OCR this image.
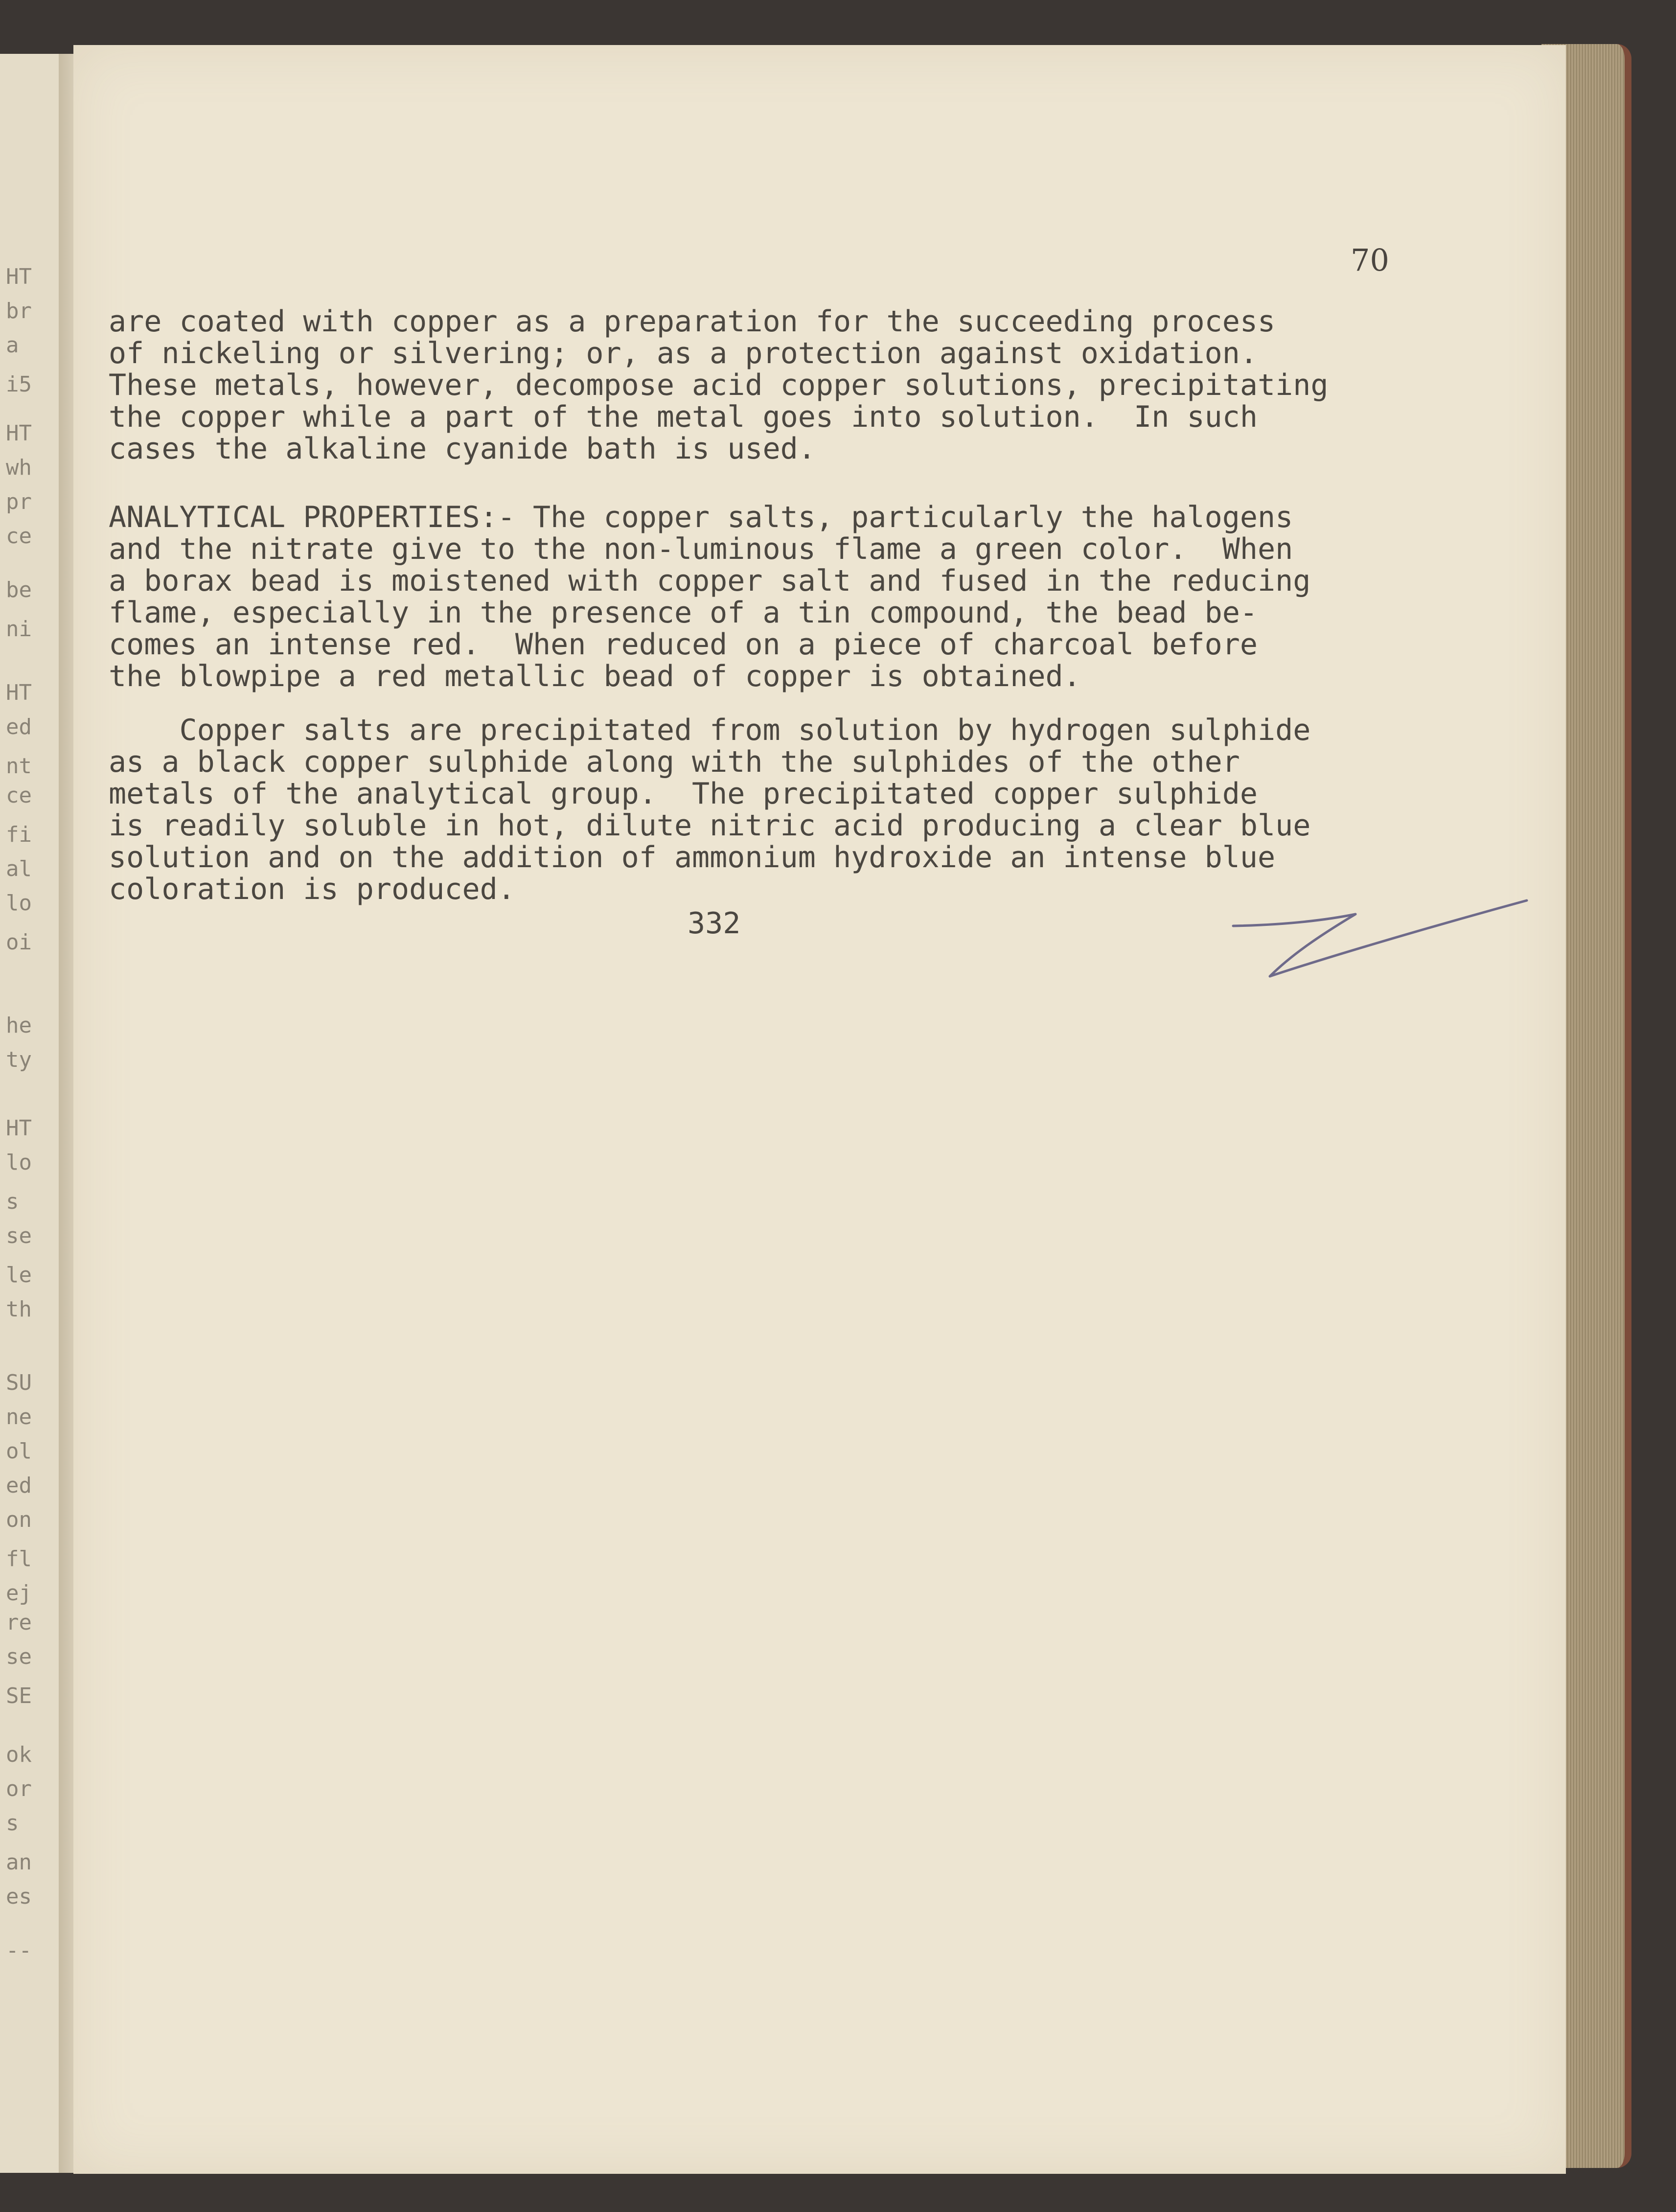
HT
br
a
i5
HT
wh
pr
ce
be
ni
HT
ed
nt
ce
fi
al
lo
oi
he
ty
HT
lo
s
se
le
th
SU
ne
ol
ed
on
fl
ej
re
se
SE
ok
or
s
an
es
--
70
are coated with copper as a preparation for the succeeding process
of nickeling or silvering; or, as a protection against oxidation.
These metals, however, decompose acid copper solutions, precipitating
the copper while a part of the metal goes into solution.  In such
cases the alkaline cyanide bath is used.
ANALYTICAL PROPERTIES:- The copper salts, particularly the halogens
and the nitrate give to the non-luminous flame a green color.  When
a borax bead is moistened with copper salt and fused in the reducing
flame, especially in the presence of a tin compound, the bead be-
comes an intense red.  When reduced on a piece of charcoal before
the blowpipe a red metallic bead of copper is obtained.
Copper salts are precipitated from solution by hydrogen sulphide
as a black copper sulphide along with the sulphides of the other
metals of the analytical group.  The precipitated copper sulphide
is readily soluble in hot, dilute nitric acid producing a clear blue
solution and on the addition of ammonium hydroxide an intense blue
coloration is produced.
332
